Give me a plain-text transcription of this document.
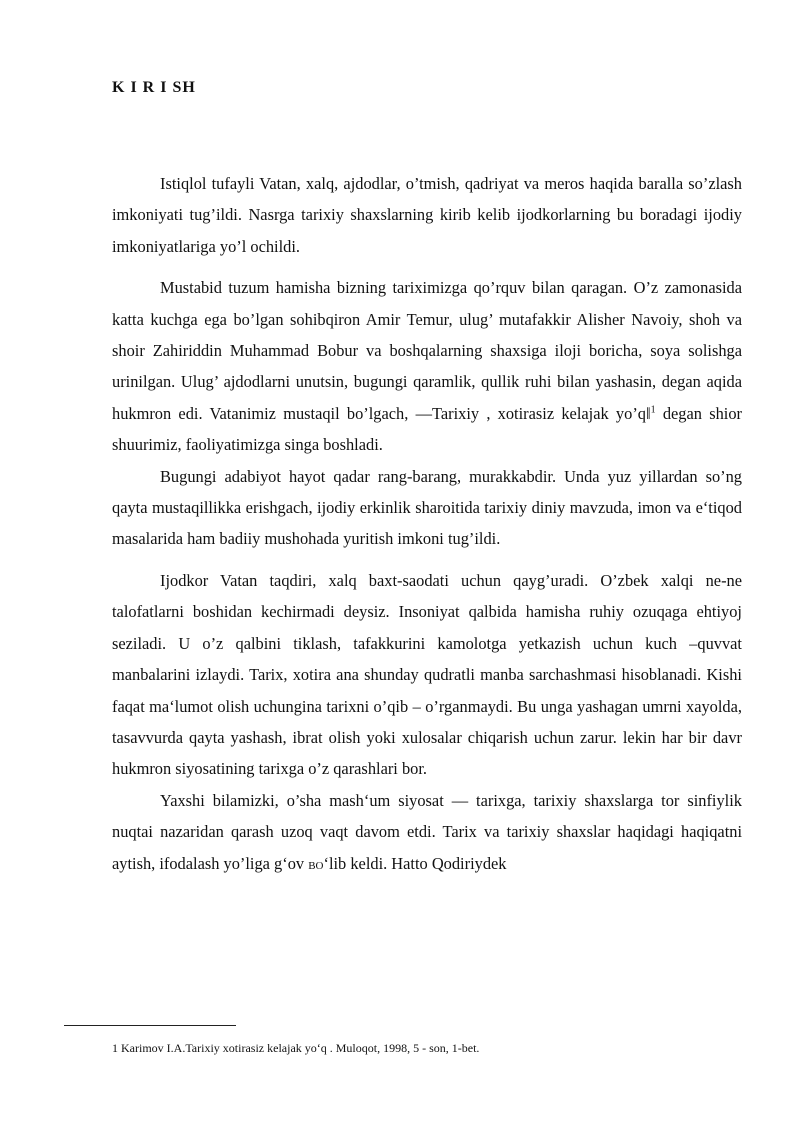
K I R I SH

Istiqlol tufayli Vatan, xalq, ajdodlar, o’tmish, qadriyat va meros haqida baralla so’zlash imkoniyati tug’ildi. Nasrga tarixiy shaxslarning kirib kelib ijodkorlarning bu boradagi ijodiy imkoniyatlariga yo’l ochildi.

Mustabid tuzum hamisha bizning tariximizga qo’rquv bilan qaragan. O’z zamonasida katta kuchga ega bo’lgan sohibqiron Amir Temur, ulug’ mutafakkir Alisher Navoiy, shoh va shoir Zahiriddin Muhammad Bobur va boshqalarning shaxsiga iloji boricha, soya solishga urinilgan. Ulug’ ajdodlarni unutsin, bugungi qaramlik, qullik ruhi bilan yashasin, degan aqida hukmron edi. Vatanimiz mustaqil bo’lgach, ―Tarixiy , xotirasiz kelajak yo’q‖$^1$ degan shior shuurimiz, faoliyatimizga singa boshladi.

Bugungi adabiyot hayot qadar rang-barang, murakkabdir. Unda yuz yillardan so’ng qayta mustaqillikka erishgach, ijodiy erkinlik sharoitida tarixiy diniy mavzuda, imon va e‘tiqod masalarida ham badiiy mushohada yuritish imkoni tug’ildi.

Ijodkor Vatan taqdiri, xalq baxt-saodati uchun qayg’uradi. O’zbek xalqi ne-ne talofatlarni boshidan kechirmadi deysiz. Insoniyat qalbida hamisha ruhiy ozuqaga ehtiyoj seziladi. U o’z qalbini tiklash, tafakkurini kamolotga yetkazish uchun kuch –quvvat manbalarini izlaydi. Tarix, xotira ana shunday qudratli manba sarchashmasi hisoblanadi. Kishi faqat ma‘lumot olish uchungina tarixni o’qib – o’rganmaydi. Bu unga yashagan umrni xayolda, tasavvurda qayta yashash, ibrat olish yoki xulosalar chiqarish uchun zarur. lekin har bir davr hukmron siyosatining tarixga o’z qarashlari bor.

Yaxshi bilamizki, o’sha mash‘um siyosat — tarixga, tarixiy shaxslarga tor sinfiylik nuqtai nazaridan qarash uzoq vaqt davom etdi. Tarix va tarixiy shaxslar haqidagi haqiqatni aytish, ifodalash yo’liga g‘ov BO‘lib keldi. Hatto Qodiriydek

1 Karimov I.A.Tarixiy xotirasiz kelajak yo‘q . Muloqot, 1998, 5 - son, 1-bet.
